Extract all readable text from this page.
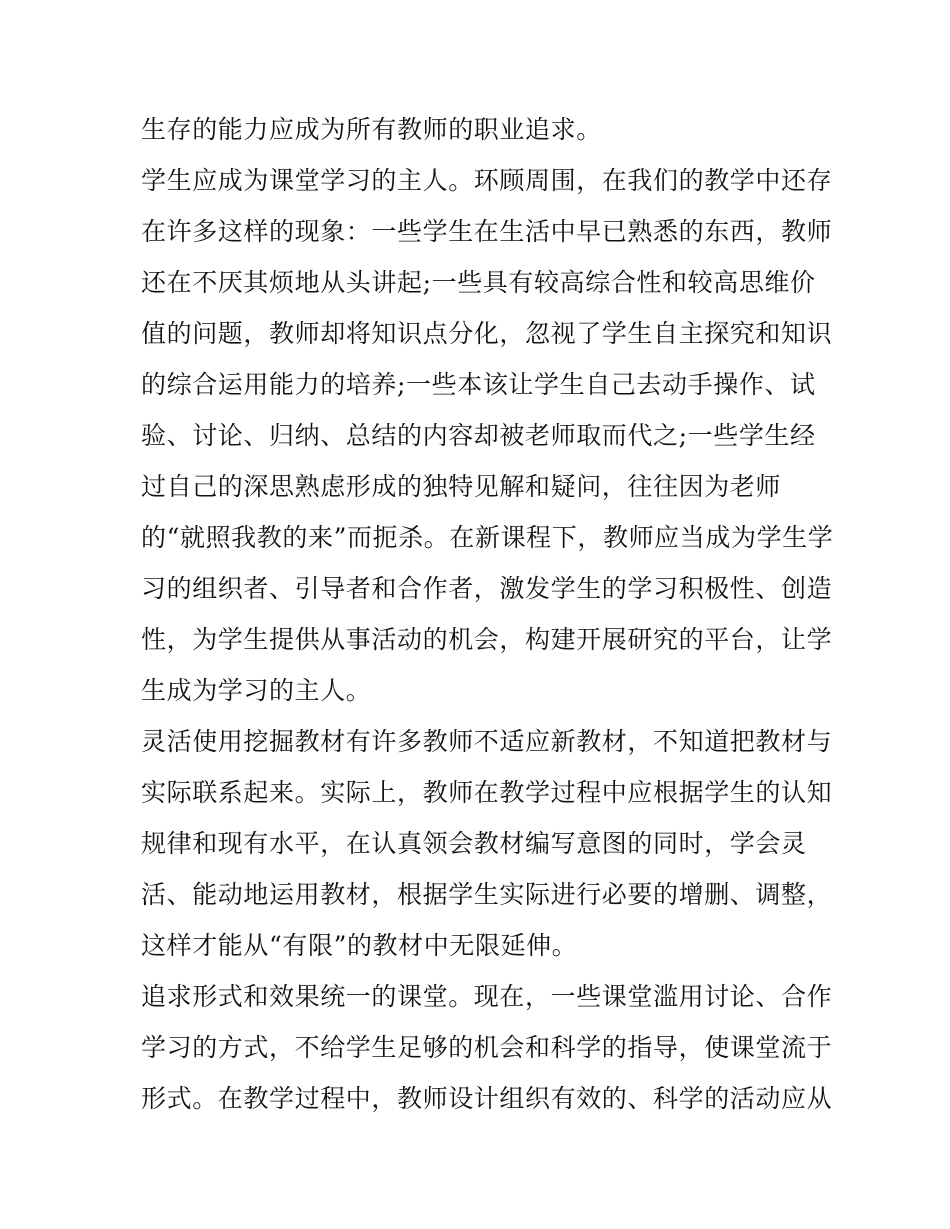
生存的能力应成为所有教师的职业追求。
学生应成为课堂学习的主人。环顾周围，在我们的教学中还存
在许多这样的现象：一些学生在生活中早已熟悉的东西，教师
还在不厌其烦地从头讲起;一些具有较高综合性和较高思维价
值的问题，教师却将知识点分化，忽视了学生自主探究和知识
的综合运用能力的培养;一些本该让学生自己去动手操作、试
验、讨论、归纳、总结的内容却被老师取而代之;一些学生经
过自己的深思熟虑形成的独特见解和疑问，往往因为老师
的“就照我教的来”而扼杀。在新课程下，教师应当成为学生学
习的组织者、引导者和合作者，激发学生的学习积极性、创造
性，为学生提供从事活动的机会，构建开展研究的平台，让学
生成为学习的主人。
灵活使用挖掘教材有许多教师不适应新教材，不知道把教材与
实际联系起来。实际上，教师在教学过程中应根据学生的认知
规律和现有水平，在认真领会教材编写意图的同时，学会灵
活、能动地运用教材，根据学生实际进行必要的增删、调整，
这样才能从“有限”的教材中无限延伸。
追求形式和效果统一的课堂。现在，一些课堂滥用讨论、合作
学习的方式，不给学生足够的机会和科学的指导，使课堂流于
形式。在教学过程中，教师设计组织有效的、科学的活动应从
